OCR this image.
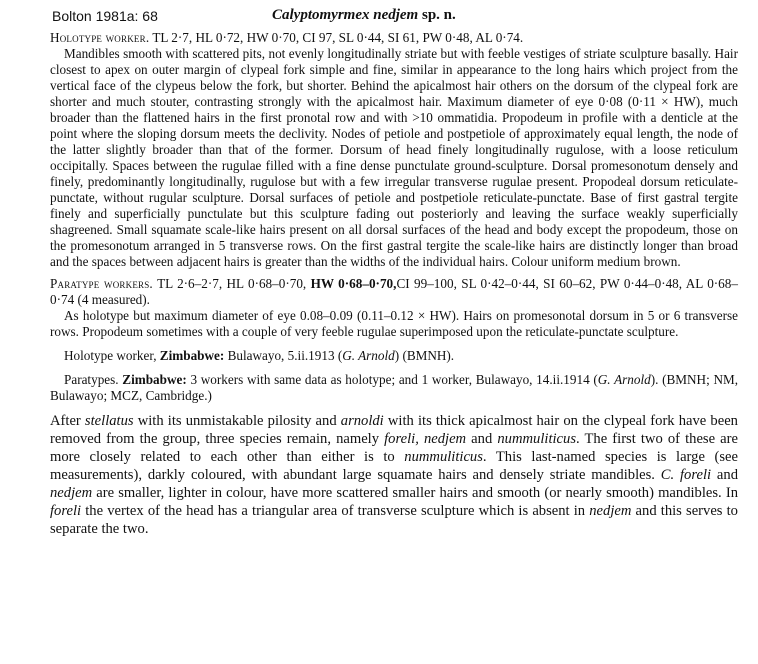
Bolton 1981a: 68	Calyptomyrmex nedjem sp. n.

Holotype worker. TL 2·7, HL 0·72, HW 0·70, CI 97, SL 0·44, SI 61, PW 0·48, AL 0·74.

Mandibles smooth with scattered pits, not evenly longitudinally striate but with feeble vestiges of striate sculpture basally. Hair closest to apex on outer margin of clypeal fork simple and fine, similar in appearance to the long hairs which project from the vertical face of the clypeus below the fork, but shorter. Behind the apicalmost hair others on the dorsum of the clypeal fork are shorter and much stouter, contrasting strongly with the apicalmost hair. Maximum diameter of eye 0·08 (0·11 × HW), much broader than the flattened hairs in the first pronotal row and with >10 ommatidia. Propodeum in profile with a denticle at the point where the sloping dorsum meets the declivity. Nodes of petiole and postpetiole of approximately equal length, the node of the latter slightly broader than that of the former. Dorsum of head finely longitudinally rugulose, with a loose reticulum occipitally. Spaces between the rugulae filled with a fine dense punctulate ground-sculpture. Dorsal promesonotum densely and finely, predominantly longitudinally, rugulose but with a few irregular transverse rugulae present. Propodeal dorsum reticulate-punctate, without rugular sculpture. Dorsal surfaces of petiole and postpetiole reticulate-punctate. Base of first gastral tergite finely and superficially punctulate but this sculpture fading out posteriorly and leaving the surface weakly superficially shagreened. Small squamate scale-like hairs present on all dorsal surfaces of the head and body except the propodeum, those on the promesonotum arranged in 5 transverse rows. On the first gastral tergite the scale-like hairs are distinctly longer than broad and the spaces between adjacent hairs is greater than the widths of the individual hairs. Colour uniform medium brown.

Paratype workers. TL 2·6–2·7, HL 0·68–0·70, HW 0·68–0·70,CI 99–100, SL 0·42–0·44, SI 60–62, PW 0·44–0·48, AL 0·68–0·74 (4 measured).

As holotype but maximum diameter of eye 0.08–0.09 (0.11–0.12 × HW). Hairs on promesonotal dorsum in 5 or 6 transverse rows. Propodeum sometimes with a couple of very feeble rugulae superimposed upon the reticulate-punctate sculpture.

Holotype worker, Zimbabwe: Bulawayo, 5.ii.1913 (G. Arnold) (BMNH).

Paratypes. Zimbabwe: 3 workers with same data as holotype; and 1 worker, Bulawayo, 14.ii.1914 (G. Arnold). (BMNH; NM, Bulawayo; MCZ, Cambridge.)

After stellatus with its unmistakable pilosity and arnoldi with its thick apicalmost hair on the clypeal fork have been removed from the group, three species remain, namely foreli, nedjem and nummuliticus. The first two of these are more closely related to each other than either is to nummuliticus. This last-named species is large (see measurements), darkly coloured, with abundant large squamate hairs and densely striate mandibles. C. foreli and nedjem are smaller, lighter in colour, have more scattered smaller hairs and smooth (or nearly smooth) mandibles. In foreli the vertex of the head has a triangular area of transverse sculpture which is absent in nedjem and this serves to separate the two.
